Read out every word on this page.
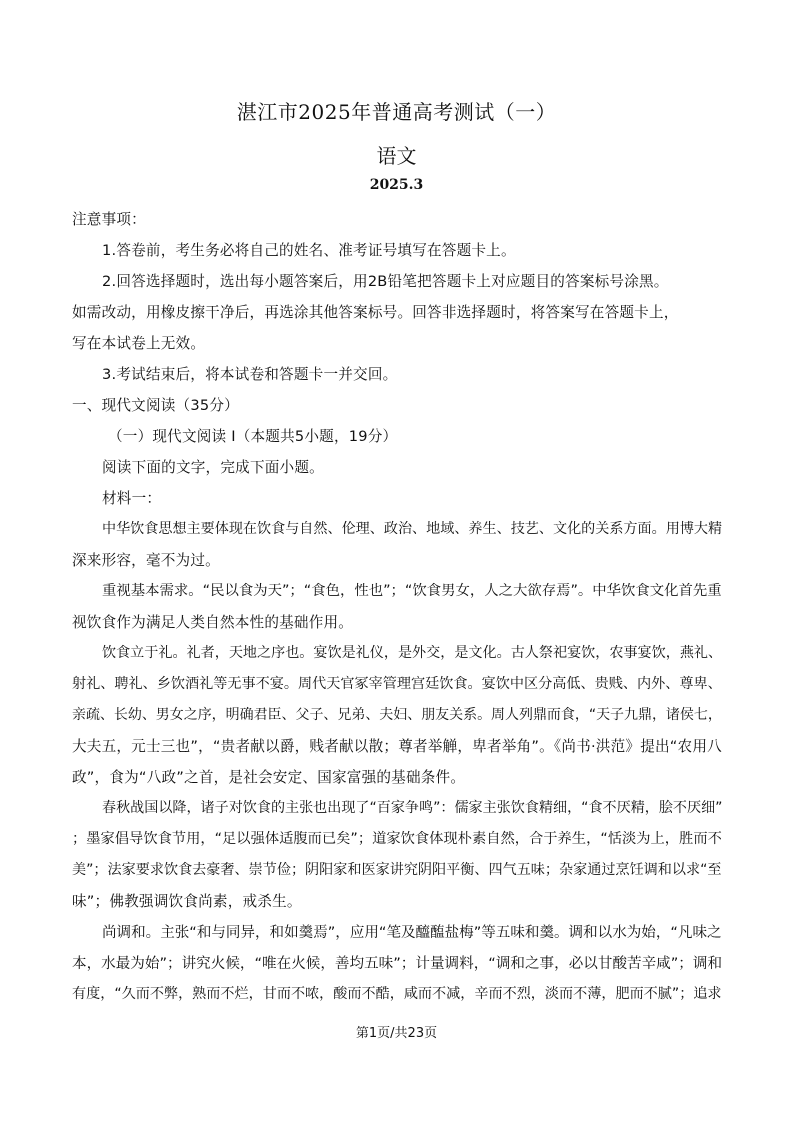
湛江市2025年普通高考测试（一）
语文
2025.3

注意事项：

1.答卷前，考生务必将自己的姓名、准考证号填写在答题卡上。

2.回答选择题时，选出每小题答案后，用2B铅笔把答题卡上对应题目的答案标号涂黑。

如需改动，用橡皮擦干净后，再选涂其他答案标号。回答非选择题时，将答案写在答题卡上，

写在本试卷上无效。

3.考试结束后，将本试卷和答题卡一并交回。

一、现代文阅读（35分）

（一）现代文阅读 I（本题共5小题，19分）

阅读下面的文字，完成下面小题。

材料一：

中华饮食思想主要体现在饮食与自然、伦理、政治、地域、养生、技艺、文化的关系方面。用博大精

深来形容，毫不为过。

重视基本需求。“民以食为天”；“食色，性也”；“饮食男女，人之大欲存焉”。中华饮食文化首先重

视饮食作为满足人类自然本性的基础作用。

饮食立于礼。礼者，天地之序也。宴饮是礼仪，是外交，是文化。古人祭祀宴饮，农事宴饮，燕礼、

射礼、聘礼、乡饮酒礼等无事不宴。周代天官冢宰管理宫廷饮食。宴饮中区分高低、贵贱、内外、尊卑、

亲疏、长幼、男女之序，明确君臣、父子、兄弟、夫妇、朋友关系。周人列鼎而食，“天子九鼎，诸侯七，

大夫五，元士三也”，“贵者献以爵，贱者献以散；尊者举觯，卑者举角”。《尚书·洪范》提出“农用八

政”，食为“八政”之首，是社会安定、国家富强的基础条件。

春秋战国以降，诸子对饮食的主张也出现了“百家争鸣”：儒家主张饮食精细，“食不厌精，脍不厌细”

；墨家倡导饮食节用，“足以强体适腹而已矣”；道家饮食体现朴素自然，合于养生，“恬淡为上，胜而不

美”；法家要求饮食去豪奢、崇节俭；阴阳家和医家讲究阴阳平衡、四气五味；杂家通过烹饪调和以求“至

味”；佛教强调饮食尚素，戒杀生。

尚调和。主张“和与同异，和如羹焉”，应用“笔及醯醢盐梅”等五味和羹。调和以水为始，“凡味之

本，水最为始”；讲究火候，“唯在火候，善均五味”；计量调料，“调和之事，必以甘酸苦辛咸”；调和

有度，“久而不弊，熟而不烂，甘而不哝，酸而不酷，咸而不减，辛而不烈，淡而不薄，肥而不腻”；追求

第1页/共23页
